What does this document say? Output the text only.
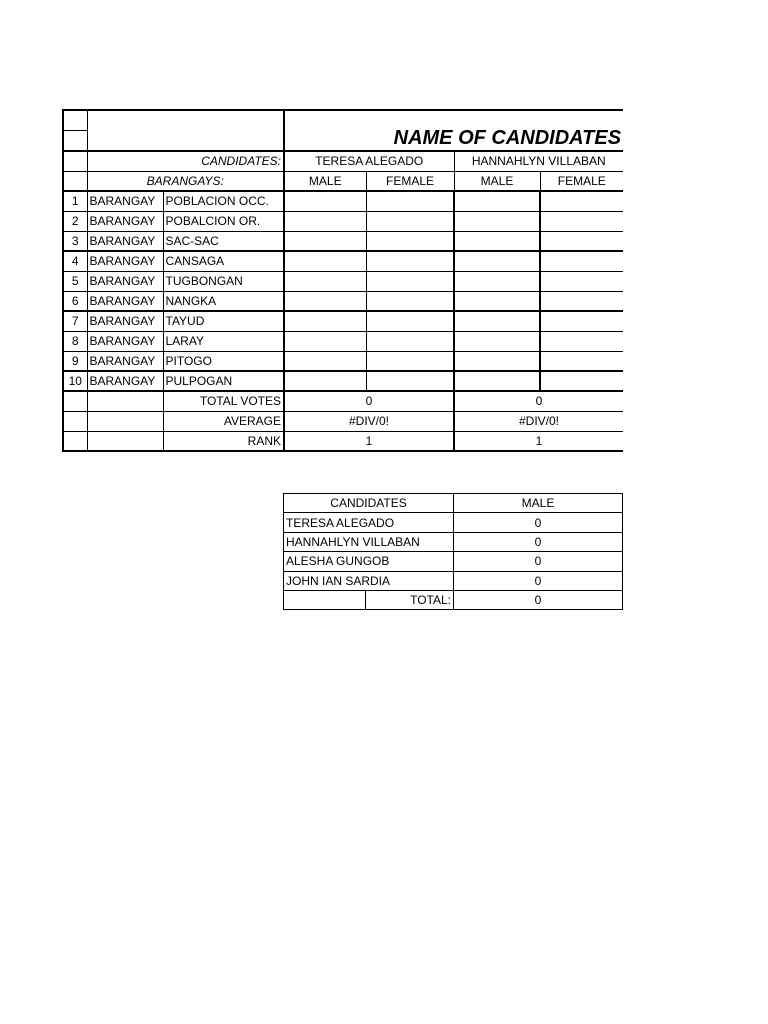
			NAME OF CANDIDATES			

	CANDIDATES:		TERESA ALEGADO		HANNAHLYN VILLABAN	
	BARANGAYS:		MALE	FEMALE	MALE	FEMALE
1	BARANGAY	POBLACION OCC.				
2	BARANGAY	POBALCION OR.				
3	BARANGAY	SAC-SAC				
4	BARANGAY	CANSAGA				
5	BARANGAY	TUGBONGAN				
6	BARANGAY	NANGKA				
7	BARANGAY	TAYUD				
8	BARANGAY	LARAY				
9	BARANGAY	PITOGO				
10	BARANGAY	PULPOGAN				
		TOTAL VOTES	0		0	
		AVERAGE	#DIV/0!		#DIV/0!	
		RANK	1		1	
CANDIDATES		MALE
TERESA ALEGADO		0
HANNAHLYN VILLABAN		0
ALESHA GUNGOB		0
JOHN IAN SARDIA		0
	TOTAL:	0
